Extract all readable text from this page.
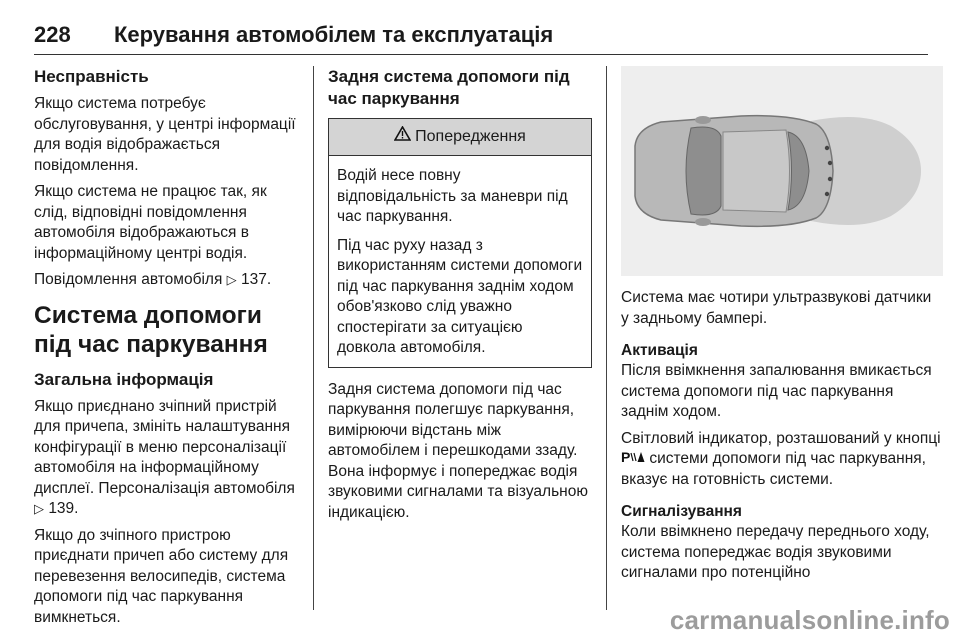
228 Керування автомобілем та експлуатація
Несправність

Якщо система потребує обслуговування, у центрі інформації для водія відображається повідомлення.

Якщо система не працює так, як слід, відповідні повідомлення автомобіля відображаються в інформаційному центрі водія.

Повідомлення автомобіля ▷ 137.

Система допомоги під час паркування
Загальна інформація

Якщо приєднано зчіпний пристрій для причепа, змініть налаштування конфігурації в меню персоналізації автомобіля на інформаційному дисплеї. Персоналізація автомобіля ▷ 139.

Якщо до зчіпного пристрою приєднати причеп або систему для перевезення велосипедів, система допомоги під час паркування вимкнеться.

Задня система допомоги під час паркування
Попередження

Водій несе повну відповідальність за маневри під час паркування.

Під час руху назад з використанням системи допомоги під час паркування заднім ходом обов'язково слід уважно спостерігати за ситуацією довкола автомобіля.

Задня система допомоги під час паркування полегшує паркування, вимірюючи відстань між автомобілем і перешкодами ззаду. Вона інформує і попереджає водія звуковими сигналами та візуальною індикацією.

Система має чотири ультразвукові датчики у задньому бампері.

Активація

Після ввімкнення запалювання вмикається система допомоги під час паркування заднім ходом.

Світловий індикатор, розташований у кнопці
P системи допомоги під час паркування, вказує на готовність системи.

Сигналізування

Коли ввімкнено передачу переднього ходу, система попереджає водія звуковими сигналами про потенційно

carmanualsonline.info
